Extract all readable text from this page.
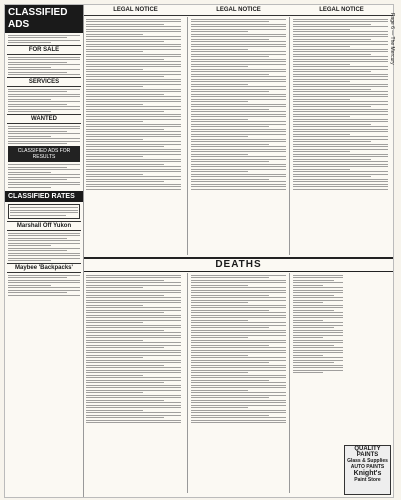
CLASSIFIED ADS
FOR SALE
SERVICES
WANTED
CLASSIFIED ADS FOR RESULTS
CLASSIFIED RATES
Marshall Off Yukon
Maybee 'Backpacks'
LEGAL NOTICE	LEGAL NOTICE	LEGAL NOTICE
Page 6 — The Mercury
DEATHS
QUALITY PAINTS
Glass & Supplies
AUTO PAINTS
Knight's
Paint Store
